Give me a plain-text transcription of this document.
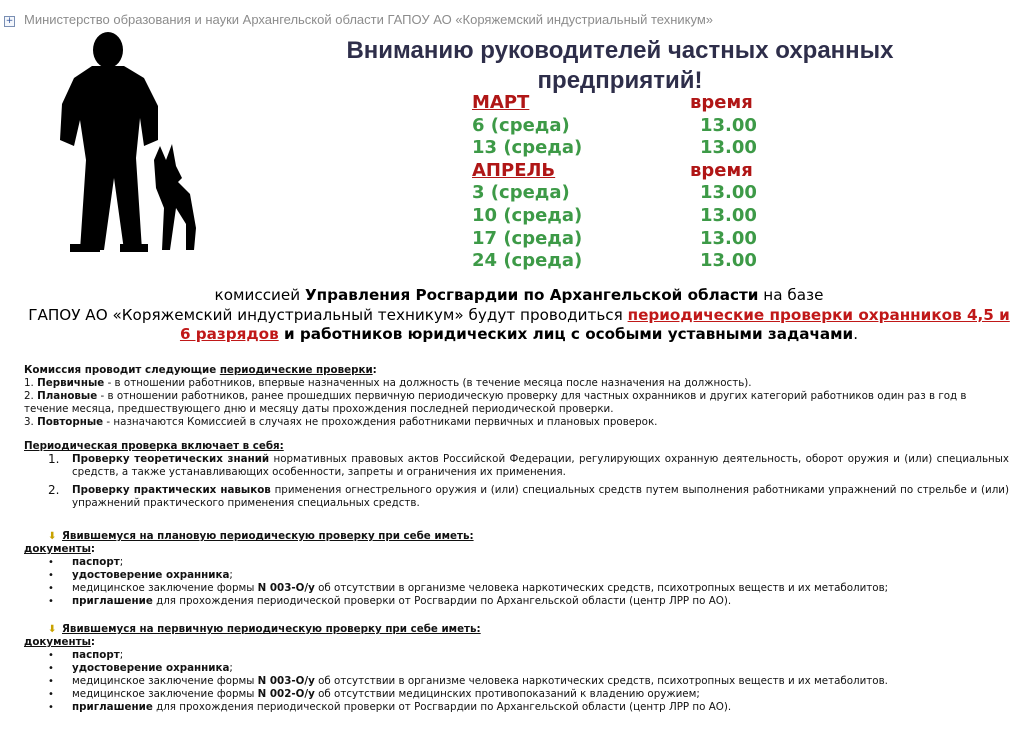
+ Министерство образования и науки Архангельской области ГАПОУ АО «Коряжемский индустриальный техникум»
Вниманию руководителей частных охранных
предприятий!
МАРТ	время
6 (среда)	13.00
13 (среда)	13.00
АПРЕЛЬ	время
3 (среда)	13.00
10 (среда)	13.00
17 (среда)	13.00
24 (среда)	13.00
комиссией Управления Росгвардии по Архангельской области на базе
ГАПОУ АО «Коряжемский индустриальный техникум» будут проводиться периодические проверки охранников 4,5 и 6 разрядов и работников юридических лиц с особыми уставными задачами.

Комиссия проводит следующие периодические проверки:

1. Первичные - в отношении работников, впервые назначенных на должность (в течение месяца после назначения на должность).

2. Плановые - в отношении работников, ранее прошедших первичную периодическую проверку для частных охранников и других категорий работников один раз в год в течение месяца, предшествующего дню и месяцу даты прохождения последней периодической проверки.

3. Повторные - назначаются Комиссией в случаях не прохождения работниками первичных и плановых проверок.

Периодическая проверка включает в себя:

1. Проверку теоретических знаний нормативных правовых актов Российской Федерации, регулирующих охранную деятельность, оборот оружия и (или) специальных средств, а также устанавливающих особенности, запреты и ограничения их применения.
2. Проверку практических навыков применения огнестрельного оружия и (или) специальных средств путем выполнения работниками упражнений по стрельбе и (или) упражнений практического применения специальных средств.

⬇ Явившемуся на плановую периодическую проверку при себе иметь:

документы:

• паспорт;
• удостоверение охранника;
• медицинское заключение формы N 003-О/у об отсутствии в организме человека наркотических средств, психотропных веществ и их метаболитов;
• приглашение для прохождения периодической проверки от Росгвардии по Архангельской области (центр ЛРР по АО).

⬇ Явившемуся на первичную периодическую проверку при себе иметь:

документы:

• паспорт;
• удостоверение охранника;
• медицинское заключение формы N 003-О/у об отсутствии в организме человека наркотических средств, психотропных веществ и их метаболитов.
• медицинское заключение формы N 002-О/у об отсутствии медицинских противопоказаний к владению оружием;
• приглашение для прохождения периодической проверки от Росгвардии по Архангельской области (центр ЛРР по АО).
